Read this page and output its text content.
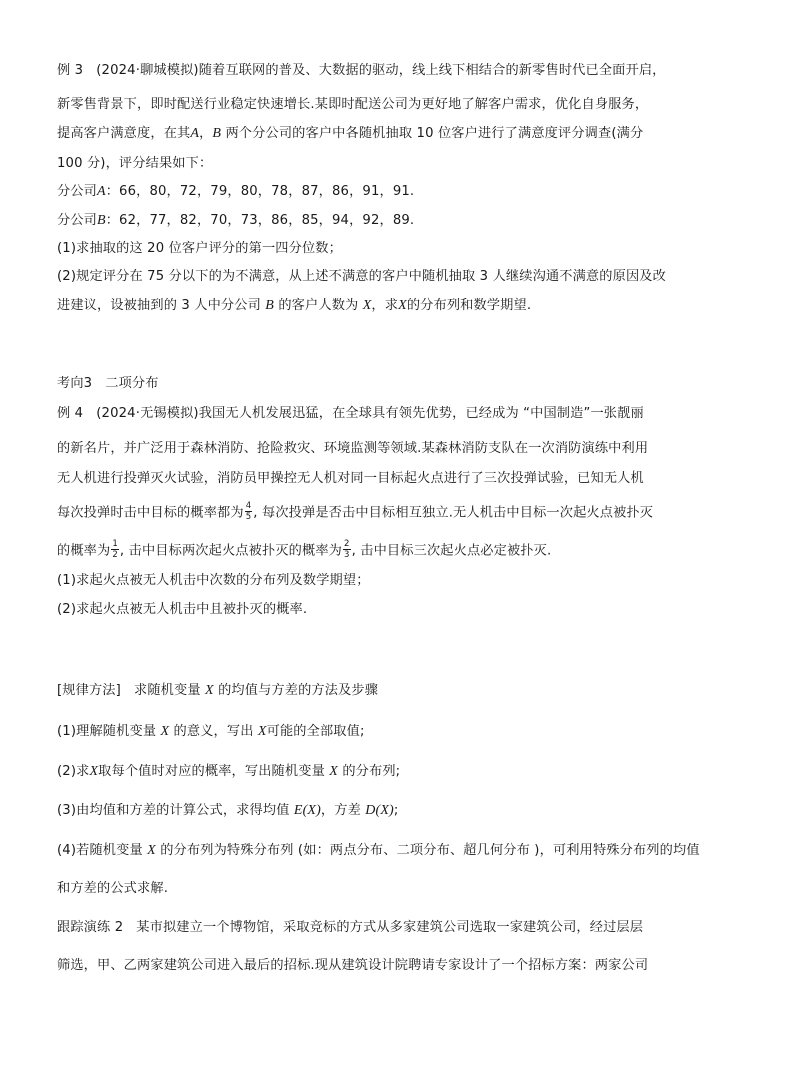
例 3 (2024·聊城模拟)随着互联网的普及、大数据的驱动，线上线下相结合的新零售时代已全面开启，
新零售背景下，即时配送行业稳定快速增长.某即时配送公司为更好地了解客户需求，优化自身服务，
提高客户满意度，在其A，B 两个分公司的客户中各随机抽取 10 位客户进行了满意度评分调查(满分
100 分)，评分结果如下：
分公司A：66，80，72，79，80，78，87，86，91，91.
分公司B：62，77，82，70，73，86，85，94，92，89.
(1)求抽取的这 20 位客户评分的第一四分位数；
(2)规定评分在 75 分以下的为不满意，从上述不满意的客户中随机抽取 3 人继续沟通不满意的原因及改
进建议，设被抽到的 3 人中分公司 B 的客户人数为 X，求X的分布列和数学期望.
考向3 二项分布
例 4 (2024·无锡模拟)我国无人机发展迅猛，在全球具有领先优势，已经成为 “中国制造”一张靓丽
的新名片，并广泛用于森林消防、抢险救灾、环境监测等领域.某森林消防支队在一次消防演练中利用
无人机进行投弹灭火试验，消防员甲操控无人机对同一目标起火点进行了三次投弹试验，已知无人机
每次投弹时击中目标的概率都为 $\frac{4}{5}$ , 每次投弹是否击中目标相互独立.无人机击中目标一次起火点被扑灭
的概率为 $\frac{1}{2}$ , 击中目标两次起火点被扑灭的概率为 $\frac{2}{3}$ , 击中目标三次起火点必定被扑灭.
(1)求起火点被无人机击中次数的分布列及数学期望；
(2)求起火点被无人机击中且被扑灭的概率.
[规律方法] 求随机变量 X 的均值与方差的方法及步骤
(1)理解随机变量 X 的意义，写出 X可能的全部取值;
(2)求X取每个值时对应的概率，写出随机变量 X 的分布列;
(3)由均值和方差的计算公式，求得均值 E(X)，方差 D(X);
(4)若随机变量 X 的分布列为特殊分布列 (如：两点分布、二项分布、超几何分布 )，可利用特殊分布列的均值
和方差的公式求解.
跟踪演练 2 某市拟建立一个博物馆，采取竞标的方式从多家建筑公司选取一家建筑公司，经过层层
筛选，甲、乙两家建筑公司进入最后的招标.现从建筑设计院聘请专家设计了一个招标方案：两家公司
